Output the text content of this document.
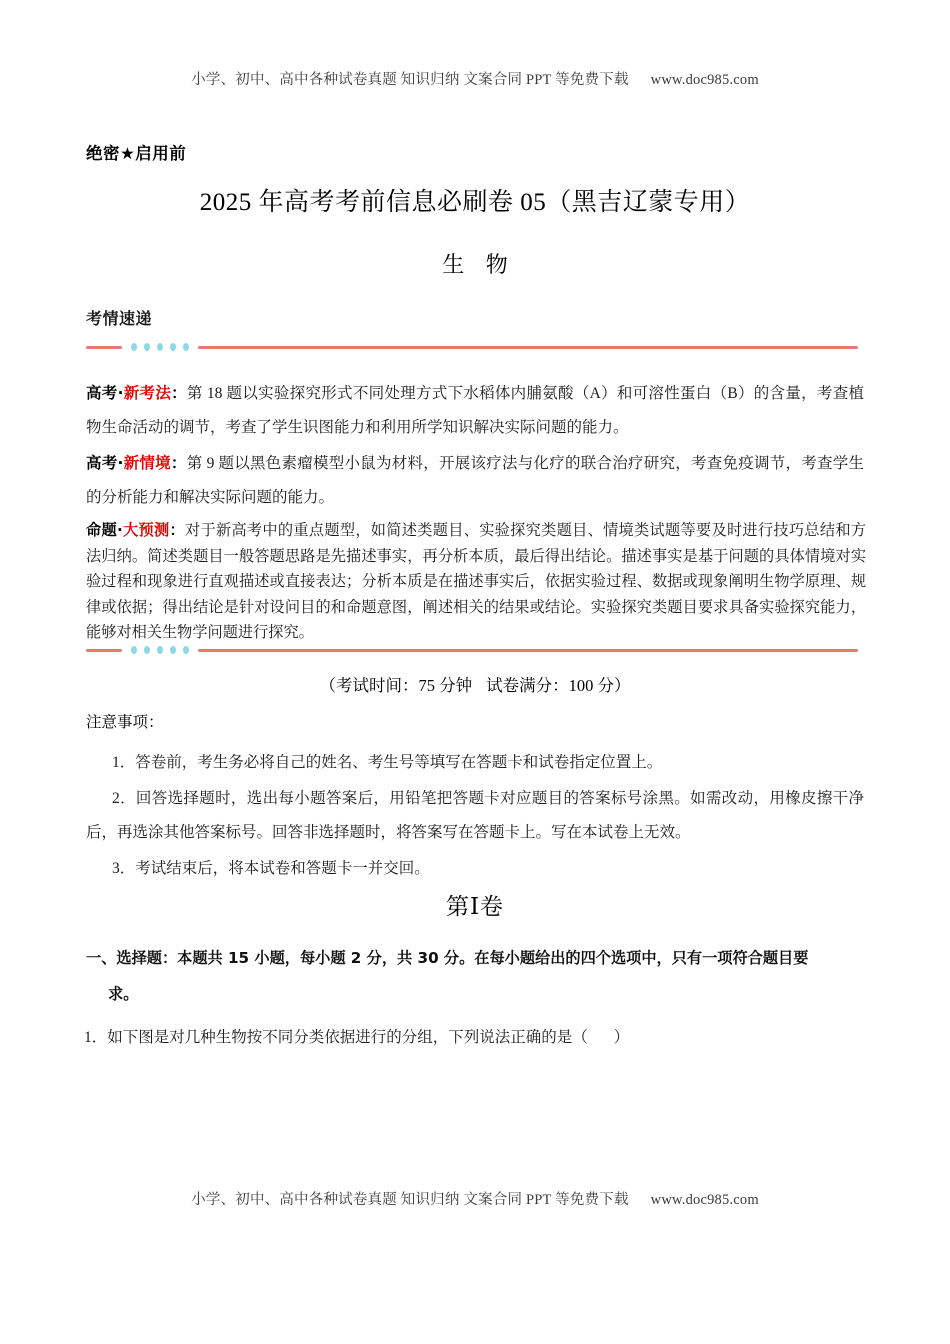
小学、初中、高中各种试卷真题 知识归纳 文案合同 PPT 等免费下载 www.doc985.com
绝密★启用前
2025 年高考考前信息必刷卷 05（黑吉辽蒙专用）
生 物
考情速递
高考·新考法：第 18 题以实验探究形式不同处理方式下水稻体内脯氨酸（A）和可溶性蛋白（B）的含量，考查植物生命活动的调节，考查了学生识图能力和利用所学知识解决实际问题的能力。
高考·新情境：第 9 题以黑色素瘤模型小鼠为材料，开展该疗法与化疗的联合治疗研究，考查免疫调节，考查学生的分析能力和解决实际问题的能力。
命题·大预测：对于新高考中的重点题型，如简述类题目、实验探究类题目、情境类试题等要及时进行技巧总结和方法归纳。简述类题目一般答题思路是先描述事实，再分析本质，最后得出结论。描述事实是基于问题的具体情境对实验过程和现象进行直观描述或直接表达；分析本质是在描述事实后，依据实验过程、数据或现象阐明生物学原理、规律或依据；得出结论是针对设问目的和命题意图，阐述相关的结果或结论。实验探究类题目要求具备实验探究能力，能够对相关生物学问题进行探究。
（考试时间：75 分钟 试卷满分：100 分）
注意事项：
1．答卷前，考生务必将自己的姓名、考生号等填写在答题卡和试卷指定位置上。
2．回答选择题时，选出每小题答案后，用铅笔把答题卡对应题目的答案标号涂黑。如需改动，用橡皮擦干净后，再选涂其他答案标号。回答非选择题时，将答案写在答题卡上。写在本试卷上无效。
3．考试结束后，将本试卷和答题卡一并交回。
第Ⅰ卷
一、选择题：本题共 15 小题，每小题 2 分，共 30 分。在每小题给出的四个选项中，只有一项符合题目要
求。
1．如下图是对几种生物按不同分类依据进行的分组，下列说法正确的是（ ）
小学、初中、高中各种试卷真题 知识归纳 文案合同 PPT 等免费下载 www.doc985.com
